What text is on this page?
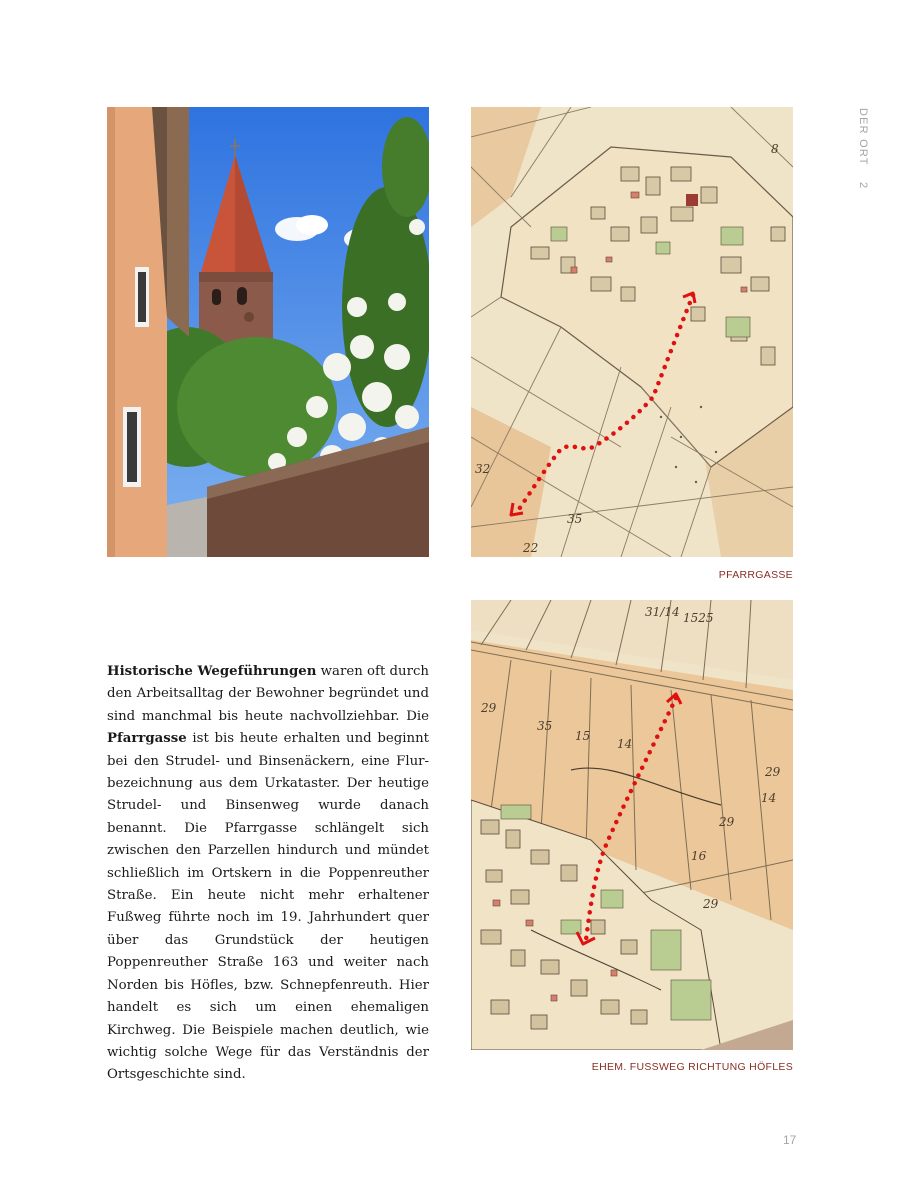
8
32
35
22
PFARRGASSE
31/14 1525
29
35
15
14
29
14
29
16
29
EHEM. FUSSWEG RICHTUNG HÖFLES
DER ORT 2
Historische Wegeführungen waren oft durch den Arbeitsalltag der Bewohner begründet und sind manchmal bis heute nachvollziehbar. Die Pfarrgasse ist bis heute erhalten und beginnt bei den Strudel- und Binsenäckern, eine Flurbezeichnung aus dem Urkataster. Der heutige Strudel- und Binsenweg wurde danach benannt. Die Pfarrgasse schlängelt sich zwischen den Parzellen hindurch und mündet schließlich im Ortskern in die Poppenreuther Straße. Ein heute nicht mehr erhaltener Fußweg führte noch im 19. Jahrhundert quer über das Grundstück der heutigen Poppenreuther Straße 163 und weiter nach Norden bis Höfles, bzw. Schnepfenreuth. Hier handelt es sich um einen ehemaligen Kirchweg. Die Beispiele machen deutlich, wie wichtig solche Wege für das Verständnis der Ortsgeschichte sind.
17
